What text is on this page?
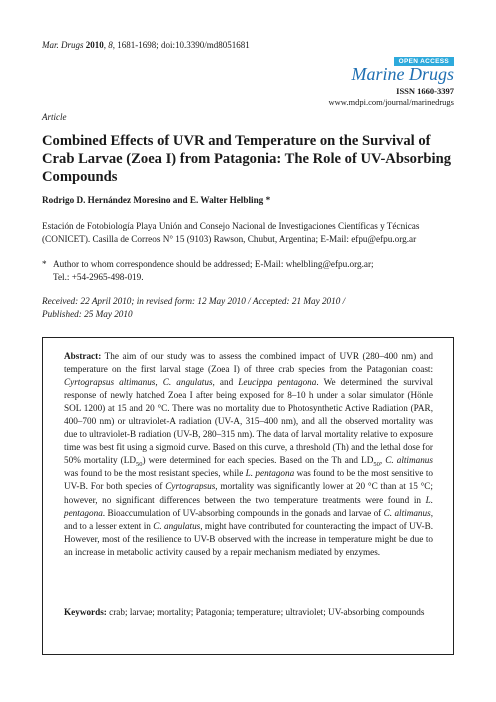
Mar. Drugs 2010, 8, 1681-1698; doi:10.3390/md8051681
OPEN ACCESS
Marine Drugs
ISSN 1660-3397
www.mdpi.com/journal/marinedrugs
Article
Combined Effects of UVR and Temperature on the Survival of Crab Larvae (Zoea I) from Patagonia: The Role of UV-Absorbing Compounds
Rodrigo D. Hernández Moresino and E. Walter Helbling *
Estación de Fotobiología Playa Unión and Consejo Nacional de Investigaciones Científicas y Técnicas (CONICET). Casilla de Correos N° 15 (9103) Rawson, Chubut, Argentina; E-Mail: efpu@efpu.org.ar
* Author to whom correspondence should be addressed; E-Mail: whelbling@efpu.org.ar;
Tel.: +54-2965-498-019.
Received: 22 April 2010; in revised form: 12 May 2010 / Accepted: 21 May 2010 /
Published: 25 May 2010

Abstract: The aim of our study was to assess the combined impact of UVR (280–400 nm) and temperature on the first larval stage (Zoea I) of three crab species from the Patagonian coast: Cyrtograpsus altimanus, C. angulatus, and Leucippa pentagona. We determined the survival response of newly hatched Zoea I after being exposed for 8–10 h under a solar simulator (Hönle SOL 1200) at 15 and 20 °C. There was no mortality due to Photosynthetic Active Radiation (PAR, 400–700 nm) or ultraviolet-A radiation (UV-A, 315–400 nm), and all the observed mortality was due to ultraviolet-B radiation (UV-B, 280–315 nm). The data of larval mortality relative to exposure time was best fit using a sigmoid curve. Based on this curve, a threshold (Th) and the lethal dose for 50% mortality $(LD_{50})$ were determined for each species. Based on the Th and $LD_{50}$, C. altimanus was found to be the most resistant species, while L. pentagona was found to be the most sensitive to UV-B. For both species of Cyrtograpsus, mortality was significantly lower at 20 °C than at 15 °C; however, no significant differences between the two temperature treatments were found in L. pentagona. Bioaccumulation of UV-absorbing compounds in the gonads and larvae of C. altimanus, and to a lesser extent in C. angulatus, might have contributed for counteracting the impact of UV-B. However, most of the resilience to UV-B observed with the increase in temperature might be due to an increase in metabolic activity caused by a repair mechanism mediated by enzymes.

Keywords: crab; larvae; mortality; Patagonia; temperature; ultraviolet; UV-absorbing compounds
